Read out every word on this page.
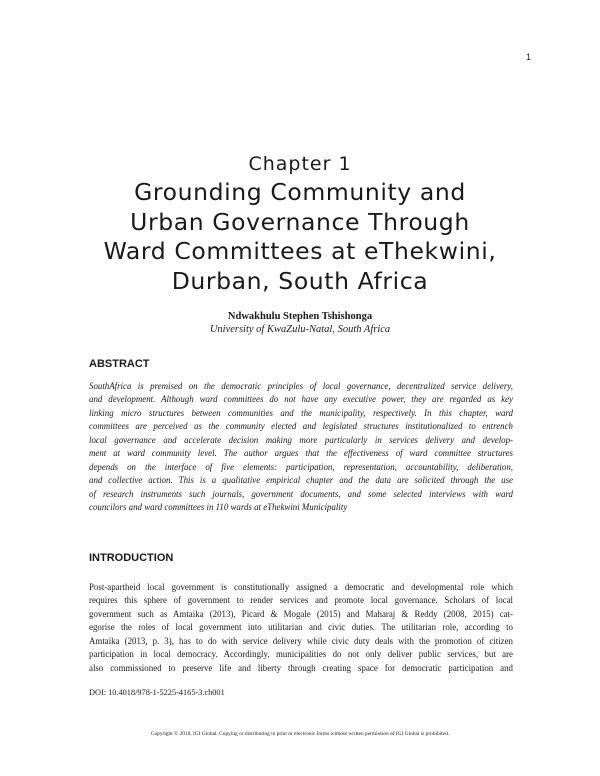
1
Chapter 1
Grounding Community and
Urban Governance Through
Ward Committees at eThekwini,
Durban, South Africa
Ndwakhulu Stephen Tshishonga
University of KwaZulu-Natal, South Africa
ABSTRACT
SouthAfrica is premised on the democratic principles of local governance, decentralized service delivery,
and development. Although ward committees do not have any executive power, they are regarded as key
linking micro structures between communities and the municipality, respectively. In this chapter, ward
committees are perceived as the community elected and legislated structures institutionalized to entrench
local governance and accelerate decision making more particularly in services delivery and develop-
ment at ward community level. The author argues that the effectiveness of ward committee structures
depends on the interface of five elements: participation, representation, accountability, deliberation,
and collective action. This is a qualitative empirical chapter and the data are solicited through the use
of research instruments such journals, government documents, and some selected interviews with ward
councilors and ward committees in 110 wards at eThekwini Municipality
INTRODUCTION
Post-apartheid local government is constitutionally assigned a democratic and developmental role which
requires this sphere of government to render services and promote local governance. Scholars of local
government such as Amtaika (2013), Picard & Mogale (2015) and Maharaj & Reddy (2008, 2015) cat-
egorise the roles of local government into utilitarian and civic duties. The utilitarian role, according to
Amtaika (2013, p. 3), has to do with service delivery while civic duty deals with the promotion of citizen
participation in local democracy. Accordingly, municipalities do not only deliver public services, but are
also commissioned to preserve life and liberty through creating space for democratic participation and
DOI: 10.4018/978-1-5225-4165-3.ch001
Copyright © 2018, IGI Global. Copying or distributing in print or electronic forms without written permission of IGI Global is prohibited.
